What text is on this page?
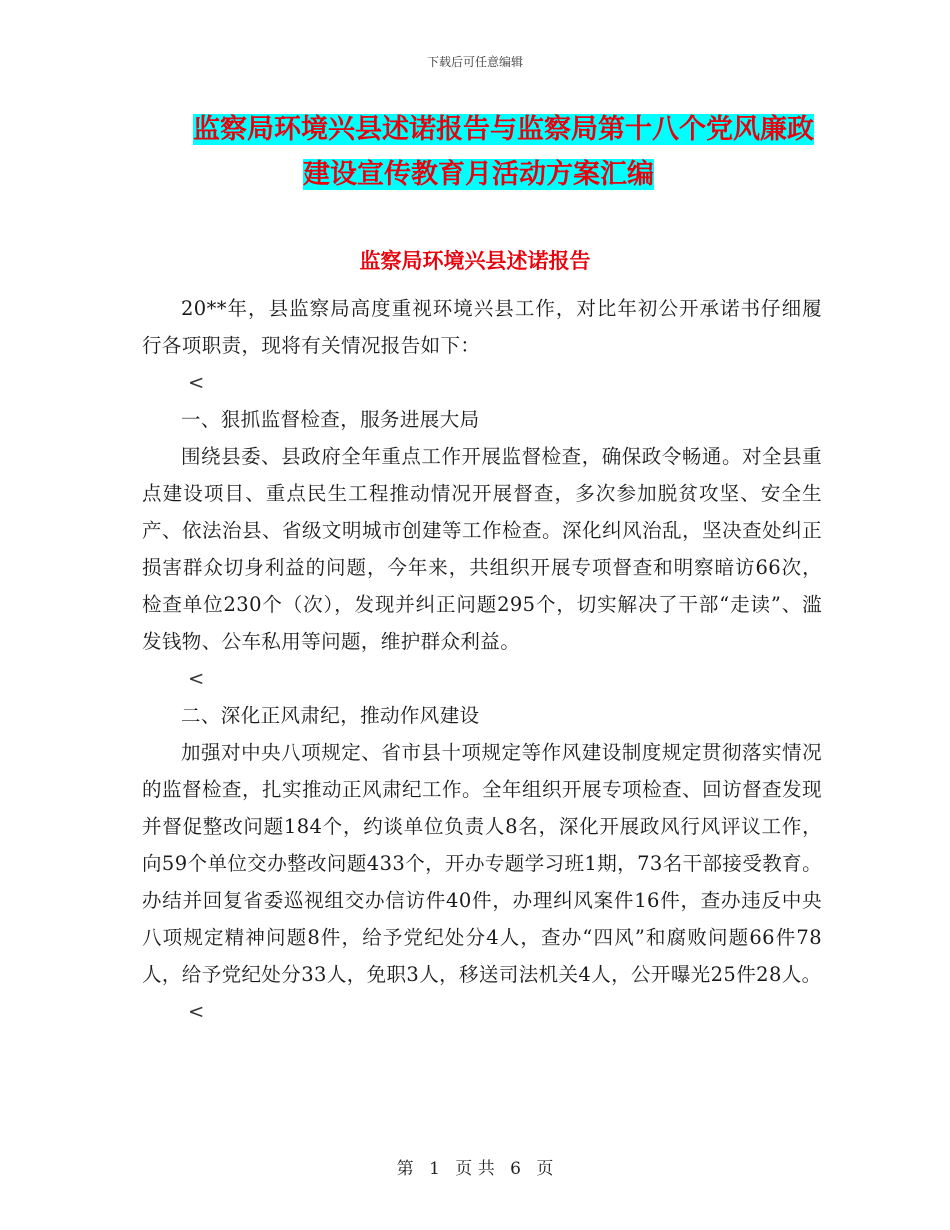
下载后可任意编辑
监察局环境兴县述诺报告与监察局第十八个党风廉政
建设宣传教育月活动方案汇编
监察局环境兴县述诺报告

20**年，县监察局高度重视环境兴县工作，对比年初公开承诺书仔细履行各项职责，现将有关情况报告如下：

<

一、狠抓监督检查，服务进展大局

围绕县委、县政府全年重点工作开展监督检查，确保政令畅通。对全县重点建设项目、重点民生工程推动情况开展督查，多次参加脱贫攻坚、安全生产、依法治县、省级文明城市创建等工作检查。深化纠风治乱，坚决查处纠正损害群众切身利益的问题，今年来，共组织开展专项督查和明察暗访66次，检查单位230个（次），发现并纠正问题295个，切实解决了干部“走读”、滥发钱物、公车私用等问题，维护群众利益。

<

二、深化正风肃纪，推动作风建设

加强对中央八项规定、省市县十项规定等作风建设制度规定贯彻落实情况的监督检查，扎实推动正风肃纪工作。全年组织开展专项检查、回访督查发现并督促整改问题184个，约谈单位负责人8名，深化开展政风行风评议工作，向59个单位交办整改问题433个，开办专题学习班1期，73名干部接受教育。办结并回复省委巡视组交办信访件40件，办理纠风案件16件，查办违反中央八项规定精神问题8件，给予党纪处分4人，查办“四风”和腐败问题66件78人，给予党纪处分33人，免职3人，移送司法机关4人，公开曝光25件28人。

<

第 1 页 共 6 页
